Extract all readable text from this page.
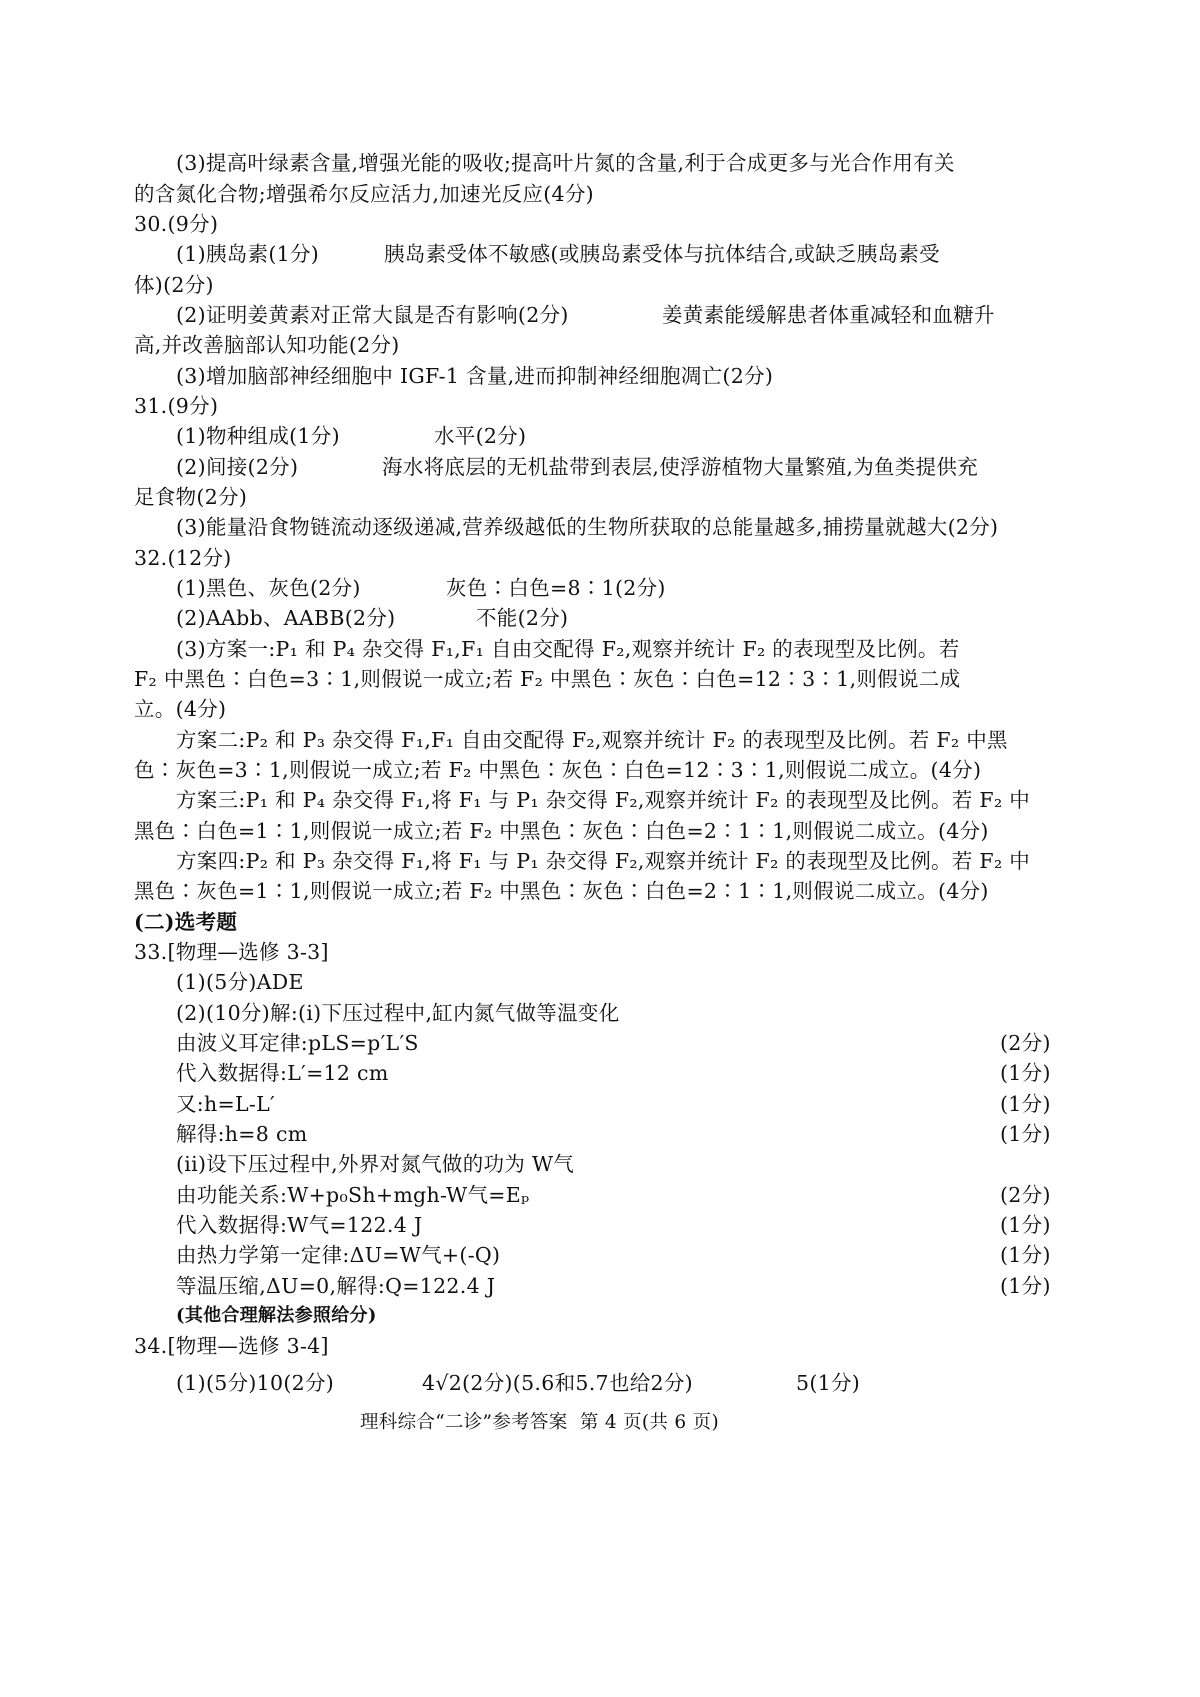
(3)提高叶绿素含量,增强光能的吸收;提高叶片氮的含量,利于合成更多与光合作用有关

的含氮化合物;增强希尔反应活力,加速光反应(4分)

30.(9分)

(1)胰岛素(1分)

	胰岛素受体不敏感(或胰岛素受体与抗体结合,或缺乏胰岛素受

体)(2分)

(2)证明姜黄素对正常大鼠是否有影响(2分)

	姜黄素能缓解患者体重减轻和血糖升

高,并改善脑部认知功能(2分)

(3)增加脑部神经细胞中 IGF-1 含量,进而抑制神经细胞凋亡(2分)

31.(9分)

(1)物种组成(1分)

	水平(2分)

(2)间接(2分)

	海水将底层的无机盐带到表层,使浮游植物大量繁殖,为鱼类提供充

足食物(2分)

(3)能量沿食物链流动逐级递减,营养级越低的生物所获取的总能量越多,捕捞量就越大(2分)

32.(12分)

(1)黑色、灰色(2分)

	灰色∶白色=8∶1(2分)

(2)AAbb、AABB(2分)

	不能(2分)

(3)方案一:P₁ 和 P₄ 杂交得 F₁,F₁ 自由交配得 F₂,观察并统计 F₂ 的表现型及比例。若

F₂ 中黑色∶白色=3∶1,则假说一成立;若 F₂ 中黑色∶灰色∶白色=12∶3∶1,则假说二成

立。(4分)

方案二:P₂ 和 P₃ 杂交得 F₁,F₁ 自由交配得 F₂,观察并统计 F₂ 的表现型及比例。若 F₂ 中黑

色∶灰色=3∶1,则假说一成立;若 F₂ 中黑色∶灰色∶白色=12∶3∶1,则假说二成立。(4分)

方案三:P₁ 和 P₄ 杂交得 F₁,将 F₁ 与 P₁ 杂交得 F₂,观察并统计 F₂ 的表现型及比例。若 F₂ 中

黑色∶白色=1∶1,则假说一成立;若 F₂ 中黑色∶灰色∶白色=2∶1∶1,则假说二成立。(4分)

方案四:P₂ 和 P₃ 杂交得 F₁,将 F₁ 与 P₁ 杂交得 F₂,观察并统计 F₂ 的表现型及比例。若 F₂ 中

黑色∶灰色=1∶1,则假说一成立;若 F₂ 中黑色∶灰色∶白色=2∶1∶1,则假说二成立。(4分)

(二)选考题

33.[物理—选修 3-3]

(1)(5分)ADE

(2)(10分)解:(i)下压过程中,缸内氮气做等温变化

由波义耳定律:pLS=p′L′S

	(2分)

代入数据得:L′=12 cm

	(1分)

又:h=L-L′

	(1分)

解得:h=8 cm

	(1分)

(ii)设下压过程中,外界对氮气做的功为 W气

由功能关系:W+p₀Sh+mgh-W气=Eₚ

	(2分)

代入数据得:W气=122.4 J

	(1分)

由热力学第一定律:ΔU=W气+(-Q)

	(1分)

等温压缩,ΔU=0,解得:Q=122.4 J

	(1分)

(其他合理解法参照给分)

34.[物理—选修 3-4]

(1)(5分)10(2分)

	4√2(2分)(5.6和5.7也给2分)

	5(1分)

理科综合“二诊”参考答案  第 4 页(共 6 页)
